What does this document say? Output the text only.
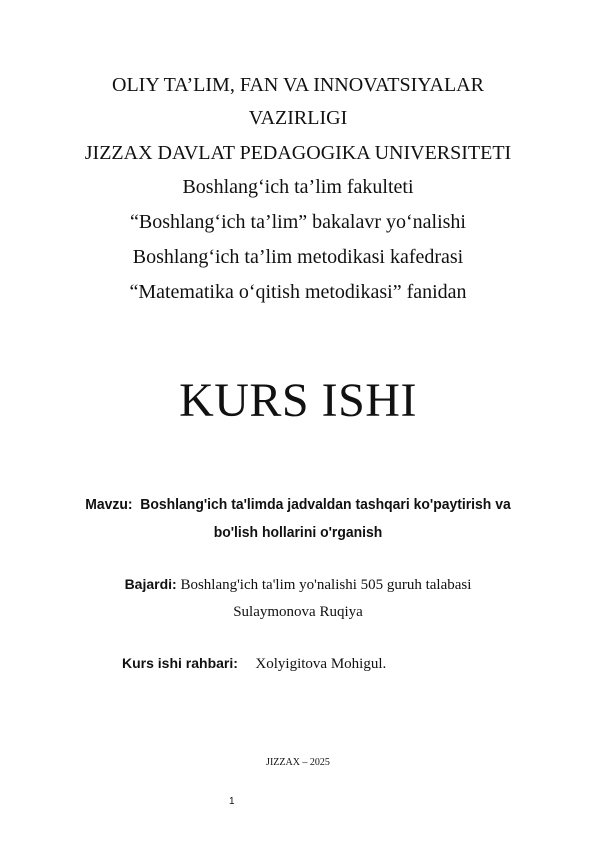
OLIY TA’LIM, FAN VA INNOVATSIYALAR
VAZIRLIGI
JIZZAX DAVLAT PEDAGOGIKA UNIVERSITETI
Boshlang‘ich ta’lim fakulteti
“Boshlang‘ich ta’lim” bakalavr yo‘nalishi
Boshlang‘ich ta’lim metodikasi kafedrasi
“Matematika o‘qitish metodikasi” fanidan
KURS ISHI
Mavzu: Boshlang'ich ta'limda jadvaldan tashqari ko'paytirish va
bo'lish hollarini o'rganish
Bajardi: Boshlang'ich ta'lim yo'nalishi 505 guruh talabasi
Sulaymonova Ruqiya
Kurs ishi rahbari: Xolyigitova Mohigul.
JIZZAX – 2025
1
